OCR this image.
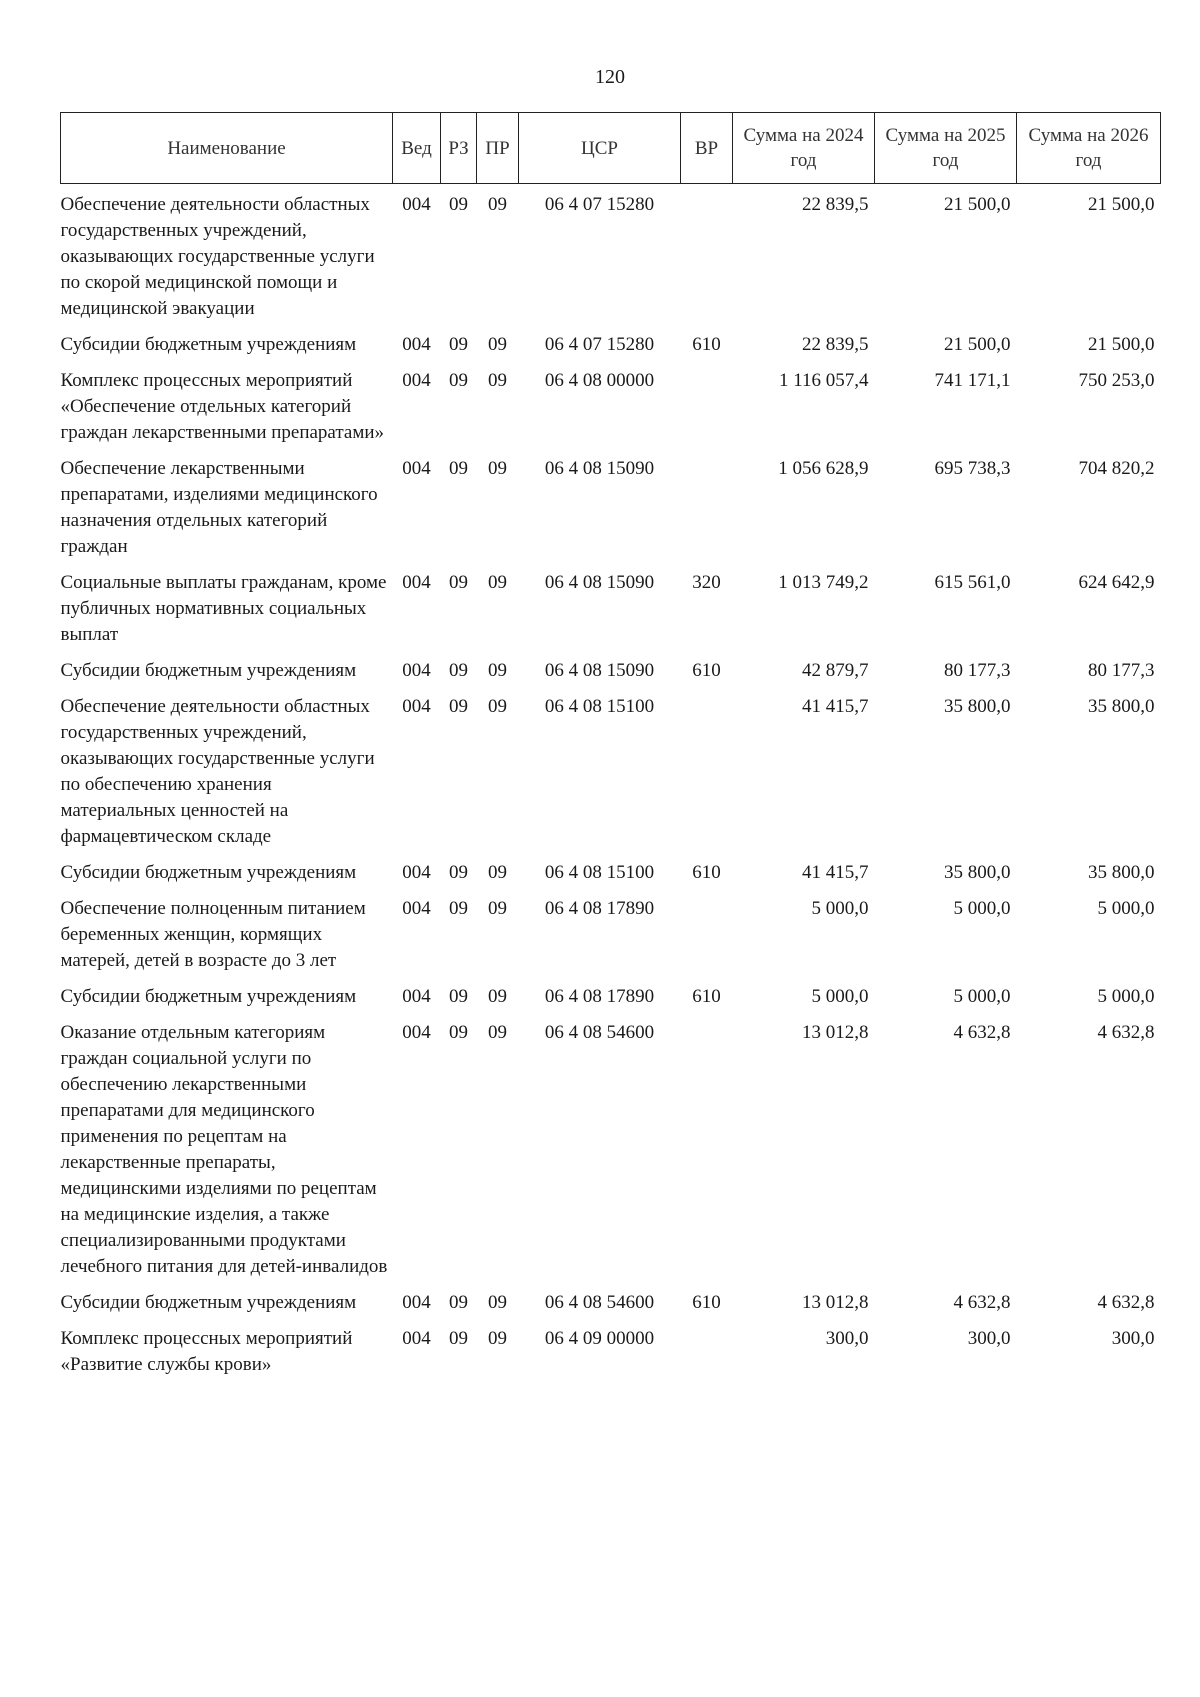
120
Наименование	Вед	РЗ	ПР	ЦСР	ВР	Сумма на 2024 год	Сумма на 2025 год	Сумма на 2026 год
Обеспечение деятельности областных государственных учреждений, оказывающих государственные услуги по скорой медицинской помощи и медицинской эвакуации	004	09	09	06 4 07 15280		22 839,5	21 500,0	21 500,0
Субсидии бюджетным учреждениям	004	09	09	06 4 07 15280	610	22 839,5	21 500,0	21 500,0
Комплекс процессных мероприятий «Обеспечение отдельных категорий граждан лекарственными препаратами»	004	09	09	06 4 08 00000		1 116 057,4	741 171,1	750 253,0
Обеспечение лекарственными препаратами, изделиями медицинского назначения отдельных категорий граждан	004	09	09	06 4 08 15090		1 056 628,9	695 738,3	704 820,2
Социальные выплаты гражданам, кроме публичных нормативных социальных выплат	004	09	09	06 4 08 15090	320	1 013 749,2	615 561,0	624 642,9
Субсидии бюджетным учреждениям	004	09	09	06 4 08 15090	610	42 879,7	80 177,3	80 177,3
Обеспечение деятельности областных государственных учреждений, оказывающих государственные услуги по обеспечению хранения материальных ценностей на фармацевтическом складе	004	09	09	06 4 08 15100		41 415,7	35 800,0	35 800,0
Субсидии бюджетным учреждениям	004	09	09	06 4 08 15100	610	41 415,7	35 800,0	35 800,0
Обеспечение полноценным питанием беременных женщин, кормящих матерей, детей в возрасте до 3 лет	004	09	09	06 4 08 17890		5 000,0	5 000,0	5 000,0
Субсидии бюджетным учреждениям	004	09	09	06 4 08 17890	610	5 000,0	5 000,0	5 000,0
Оказание отдельным категориям граждан социальной услуги по обеспечению лекарственными препаратами для медицинского применения по рецептам на лекарственные препараты, медицинскими изделиями по рецептам на медицинские изделия, а также специализированными продуктами лечебного питания для детей-инвалидов	004	09	09	06 4 08 54600		13 012,8	4 632,8	4 632,8
Субсидии бюджетным учреждениям	004	09	09	06 4 08 54600	610	13 012,8	4 632,8	4 632,8
Комплекс процессных мероприятий «Развитие службы крови»	004	09	09	06 4 09 00000		300,0	300,0	300,0
